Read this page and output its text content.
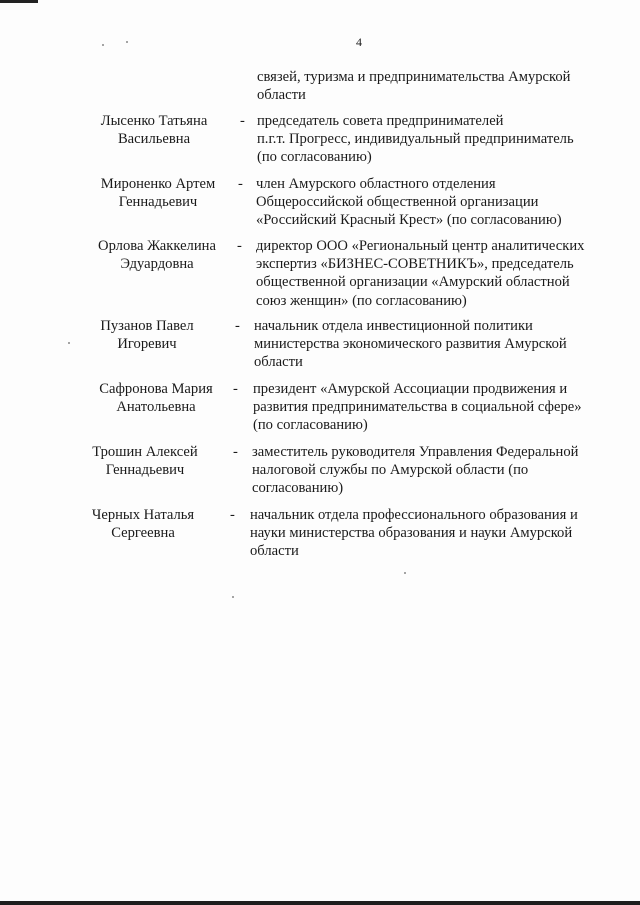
4
связей, туризма и предпринимательства Амурской
области
Лысенко Татьяна
Васильевна
- председатель совета предпринимателей
п.г.т. Прогресс, индивидуальный предприниматель
(по согласованию)
Мироненко Артем
Геннадьевич
- член Амурского областного отделения
Общероссийской общественной организации
«Российский Красный Крест» (по согласованию)
Орлова Жаккелина
Эдуардовна
- директор ООО «Региональный центр аналитических
экспертиз «БИЗНЕС-СОВЕТНИКЪ», председатель
общественной организации «Амурский областной
союз женщин» (по согласованию)
Пузанов Павел
Игоревич
- начальник отдела инвестиционной политики
министерства экономического развития Амурской
области
Сафронова Мария
Анатольевна
- президент «Амурской Ассоциации продвижения и
развития предпринимательства в социальной сфере»
(по согласованию)
Трошин Алексей
Геннадьевич
- заместитель руководителя Управления Федеральной
налоговой службы по Амурской области (по
согласованию)
Черных Наталья
Сергеевна
- начальник отдела профессионального образования и
науки министерства образования и науки Амурской
области
